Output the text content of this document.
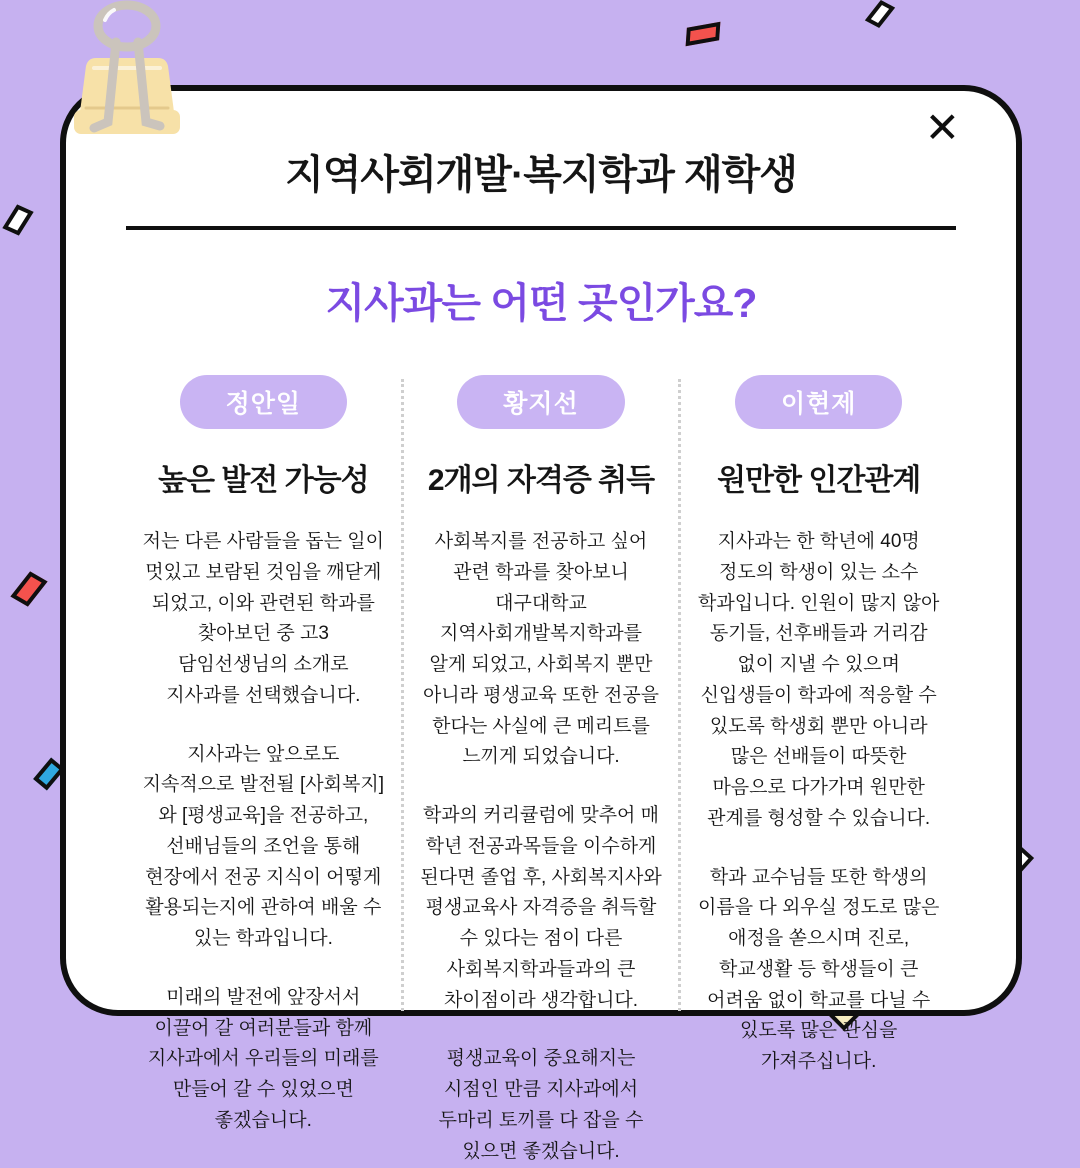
✕
지역사회개발·복지학과 재학생
지사과는 어떤 곳인가요?
정안일
높은 발전 가능성

저는 다른 사람들을 돕는 일이 멋있고 보람된 것임을 깨닫게 되었고, 이와 관련된 학과를 찾아보던 중 고3 담임선생님의 소개로 지사과를 선택했습니다.

지사과는 앞으로도 지속적으로 발전될 [사회복지]와 [평생교육]을 전공하고, 선배님들의 조언을 통해 현장에서 전공 지식이 어떻게 활용되는지에 관하여 배울 수 있는 학과입니다.

미래의 발전에 앞장서서 이끌어 갈 여러분들과 함께 지사과에서 우리들의 미래를 만들어 갈 수 있었으면 좋겠습니다.

황지선
2개의 자격증 취득

사회복지를 전공하고 싶어 관련 학과를 찾아보니 대구대학교 지역사회개발복지학과를 알게 되었고, 사회복지 뿐만 아니라 평생교육 또한 전공을 한다는 사실에 큰 메리트를 느끼게 되었습니다.

학과의 커리큘럼에 맞추어 매 학년 전공과목들을 이수하게 된다면 졸업 후, 사회복지사와 평생교육사 자격증을 취득할 수 있다는 점이 다른 사회복지학과들과의 큰 차이점이라 생각합니다.

평생교육이 중요해지는 시점인 만큼 지사과에서 두마리 토끼를 다 잡을 수 있으면 좋겠습니다.

이현제
원만한 인간관계

지사과는 한 학년에 40명 정도의 학생이 있는 소수 학과입니다. 인원이 많지 않아 동기들, 선후배들과 거리감 없이 지낼 수 있으며 신입생들이 학과에 적응할 수 있도록 학생회 뿐만 아니라 많은 선배들이 따뜻한 마음으로 다가가며 원만한 관계를 형성할 수 있습니다.

학과 교수님들 또한 학생의 이름을 다 외우실 정도로 많은 애정을 쏟으시며 진로, 학교생활 등 학생들이 큰 어려움 없이 학교를 다닐 수 있도록 많은 관심을 가져주십니다.
